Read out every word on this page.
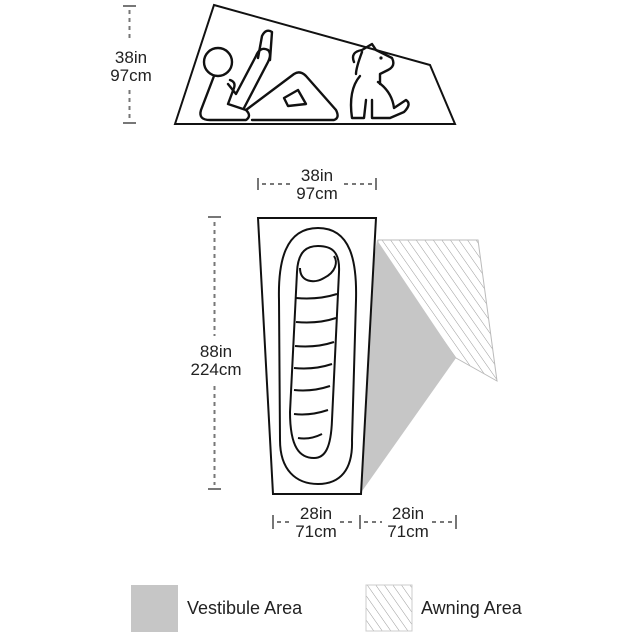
38in
97cm
38in
97cm
88in
224cm
28in
71cm
28in
71cm
Vestibule Area	Awning Area
